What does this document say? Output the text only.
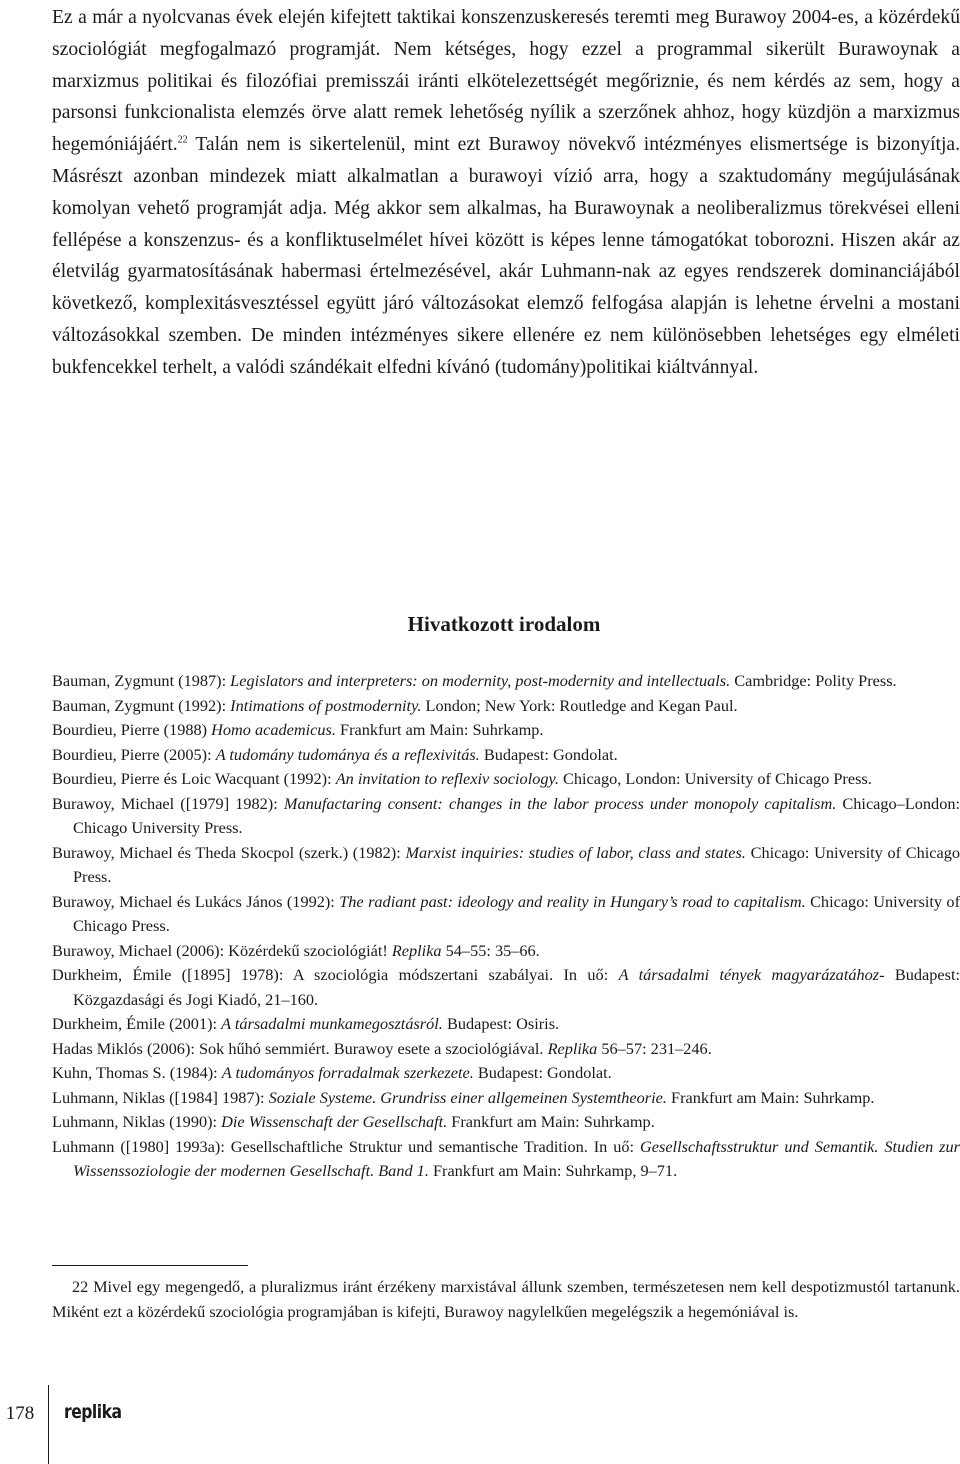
Ez a már a nyolcvanas évek elején kifejtett taktikai konszenzuskeresés teremti meg Burawoy 2004-es, a közérdekű szociológiát megfogalmazó programját. Nem kétséges, hogy ezzel a programmal sikerült Burawoynak a marxizmus politikai és filozófiai premisszái iránti elkötelezettségét megőriznie, és nem kérdés az sem, hogy a parsonsi funkcionalista elemzés örve alatt remek lehetőség nyílik a szerzőnek ahhoz, hogy küzdjön a marxizmus hegemóniájáért.$^{22}$ Talán nem is sikertelenül, mint ezt Burawoy növekvő intézményes elismertsége is bizonyítja. Másrészt azonban mindezek miatt alkalmatlan a burawoyi vízió arra, hogy a szaktudomány megújulásának komolyan vehető programját adja. Még akkor sem alkalmas, ha Burawoynak a neoliberalizmus törekvései elleni fellépése a konszenzus- és a konfliktuselmélet hívei között is képes lenne támogatókat toborozni. Hiszen akár az életvilág gyarmatosításának habermasi értelmezésével, akár Luhmann-nak az egyes rendszerek dominanciájából következő, komplexitásvesztéssel együtt járó változásokat elemző felfogása alapján is lehetne érvelni a mostani változásokkal szemben. De minden intézményes sikere ellenére ez nem különösebben lehetséges egy elméleti bukfencekkel terhelt, a valódi szándékait elfedni kívánó (tudomány)politikai kiáltvánnyal.

Hivatkozott irodalom
Bauman, Zygmunt (1987): Legislators and interpreters: on modernity, post-modernity and intellectuals. Cambridge: Polity Press.
Bauman, Zygmunt (1992): Intimations of postmodernity. London; New York: Routledge and Kegan Paul.
Bourdieu, Pierre (1988) Homo academicus. Frankfurt am Main: Suhrkamp.
Bourdieu, Pierre (2005): A tudomány tudománya és a reflexivitás. Budapest: Gondolat.
Bourdieu, Pierre és Loic Wacquant (1992): An invitation to reflexiv sociology. Chicago, London: University of Chicago Press.
Burawoy, Michael ([1979] 1982): Manufactaring consent: changes in the labor process under monopoly capitalism. Chicago–London: Chicago University Press.
Burawoy, Michael és Theda Skocpol (szerk.) (1982): Marxist inquiries: studies of labor, class and states. Chicago: University of Chicago Press.
Burawoy, Michael és Lukács János (1992): The radiant past: ideology and reality in Hungary’s road to capitalism. Chicago: University of Chicago Press.
Burawoy, Michael (2006): Közérdekű szociológiát! Replika 54–55: 35–66.
Durkheim, Émile ([1895] 1978): A szociológia módszertani szabályai. In uő: A társadalmi tények magyarázatához- Budapest: Közgazdasági és Jogi Kiadó, 21–160.
Durkheim, Émile (2001): A társadalmi munkamegosztásról. Budapest: Osiris.
Hadas Miklós (2006): Sok hűhó semmiért. Burawoy esete a szociológiával. Replika 56–57: 231–246.
Kuhn, Thomas S. (1984): A tudományos forradalmak szerkezete. Budapest: Gondolat.
Luhmann, Niklas ([1984] 1987): Soziale Systeme. Grundriss einer allgemeinen Systemtheorie. Frankfurt am Main: Suhrkamp.
Luhmann, Niklas (1990): Die Wissenschaft der Gesellschaft. Frankfurt am Main: Suhrkamp.
Luhmann ([1980] 1993a): Gesellschaftliche Struktur und semantische Tradition. In uő: Gesellschaftsstruktur und Semantik. Studien zur Wissenssoziologie der modernen Gesellschaft. Band 1. Frankfurt am Main: Suhrkamp, 9–71.

22 Mivel egy megengedő, a pluralizmus iránt érzékeny marxistával állunk szemben, természetesen nem kell despotizmustól tartanunk. Miként ezt a közérdekű szociológia programjában is kifejti, Burawoy nagylelkűen megelégszik a hegemóniával is.

178	replika
